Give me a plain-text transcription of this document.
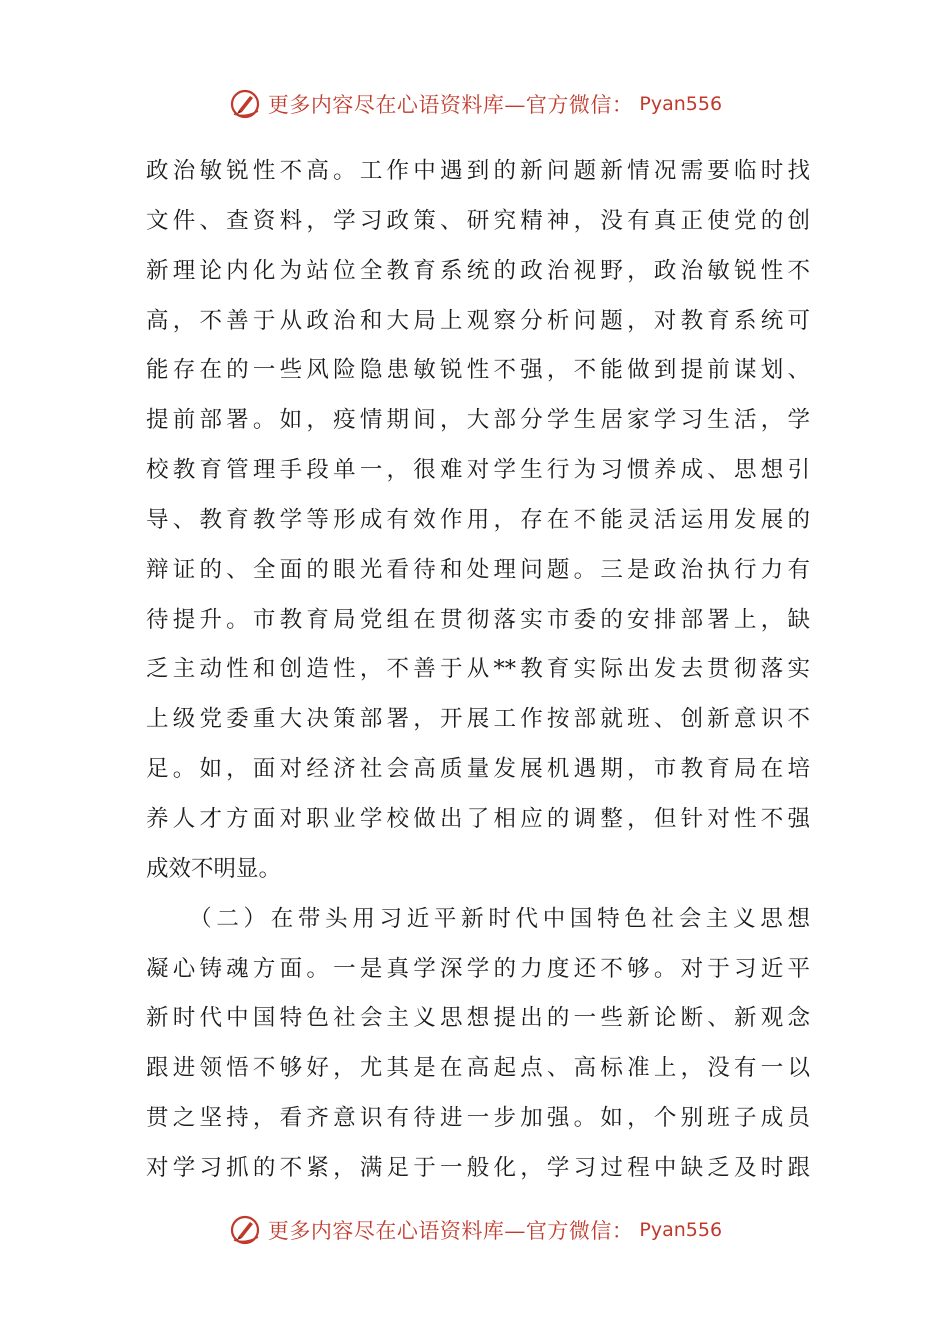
更多内容尽在心语资料库—官方微信： Pyan556
政治敏锐性不高。工作中遇到的新问题新情况需要临时找
文件、查资料，学习政策、研究精神，没有真正使党的创
新理论内化为站位全教育系统的政治视野，政治敏锐性不
高，不善于从政治和大局上观察分析问题，对教育系统可
能存在的一些风险隐患敏锐性不强，不能做到提前谋划、
提前部署。如，疫情期间，大部分学生居家学习生活，学
校教育管理手段单一，很难对学生行为习惯养成、思想引
导、教育教学等形成有效作用，存在不能灵活运用发展的
辩证的、全面的眼光看待和处理问题。三是政治执行力有
待提升。市教育局党组在贯彻落实市委的安排部署上，缺
乏主动性和创造性，不善于从**教育实际出发去贯彻落实
上级党委重大决策部署，开展工作按部就班、创新意识不
足。如，面对经济社会高质量发展机遇期，市教育局在培
养人才方面对职业学校做出了相应的调整，但针对性不强
成效不明显。
　　（二）在带头用习近平新时代中国特色社会主义思想
凝心铸魂方面。一是真学深学的力度还不够。对于习近平
新时代中国特色社会主义思想提出的一些新论断、新观念
跟进领悟不够好，尤其是在高起点、高标准上，没有一以
贯之坚持，看齐意识有待进一步加强。如，个别班子成员
对学习抓的不紧，满足于一般化，学习过程中缺乏及时跟
更多内容尽在心语资料库—官方微信： Pyan556
